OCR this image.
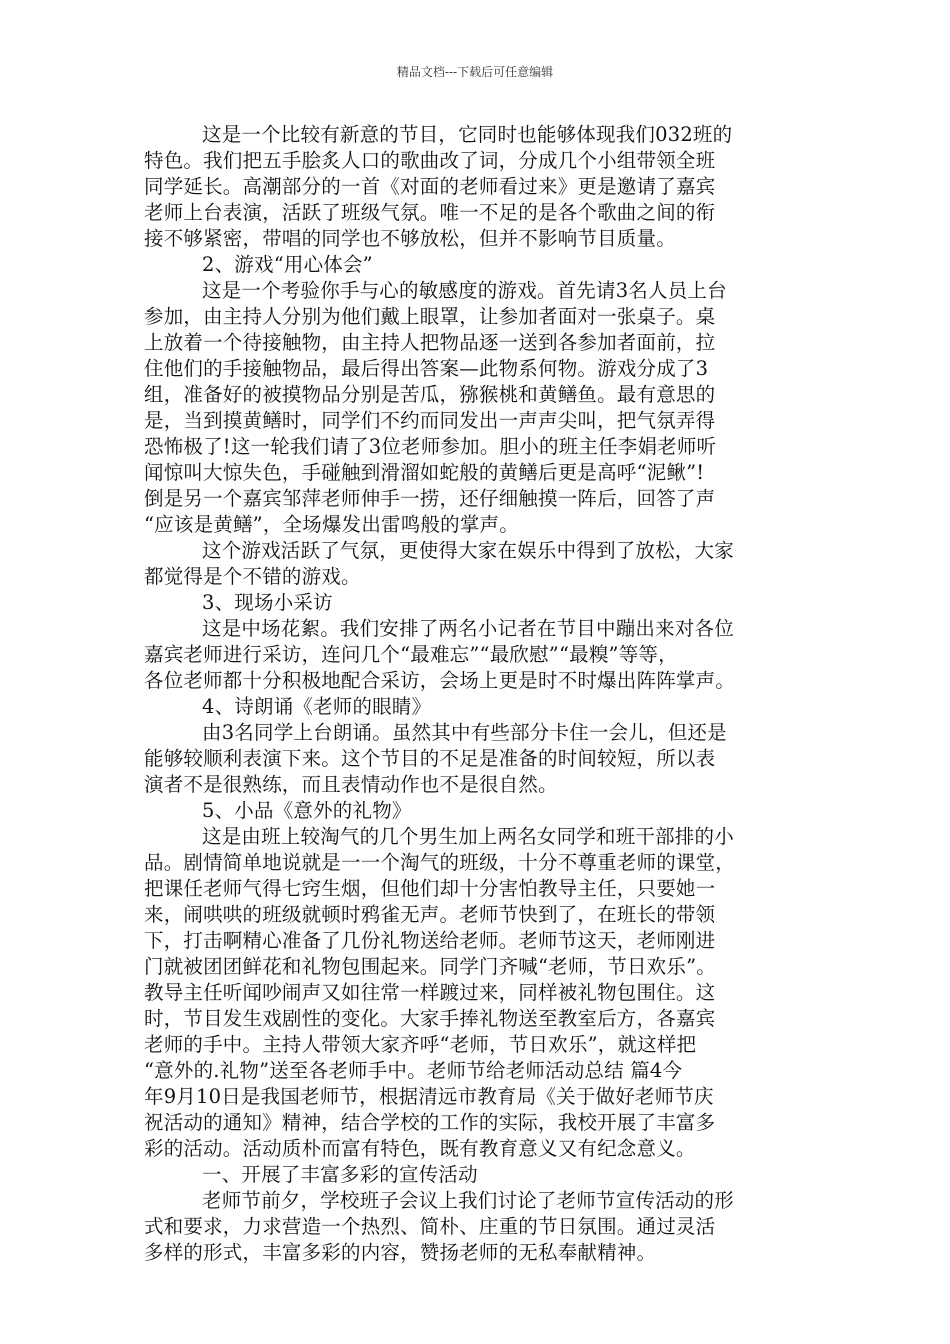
精品文档---下载后可任意编辑
这是一个比较有新意的节目，它同时也能够体现我们032班的
特色。我们把五手脍炙人口的歌曲改了词，分成几个小组带领全班
同学延长。高潮部分的一首《对面的老师看过来》更是邀请了嘉宾
老师上台表演，活跃了班级气氛。唯一不足的是各个歌曲之间的衔
接不够紧密，带唱的同学也不够放松，但并不影响节目质量。
2、游戏“用心体会”
这是一个考验你手与心的敏感度的游戏。首先请3名人员上台
参加，由主持人分别为他们戴上眼罩，让参加者面对一张桌子。桌
上放着一个待接触物，由主持人把物品逐一送到各参加者面前，拉
住他们的手接触物品，最后得出答案—此物系何物。游戏分成了3
组，准备好的被摸物品分别是苦瓜，猕猴桃和黄鳝鱼。最有意思的
是，当到摸黄鳝时，同学们不约而同发出一声声尖叫，把气氛弄得
恐怖极了!这一轮我们请了3位老师参加。胆小的班主任李娟老师听
闻惊叫大惊失色，手碰触到滑溜如蛇般的黄鳝后更是高呼“泥鳅”!
倒是另一个嘉宾邹萍老师伸手一捞，还仔细触摸一阵后，回答了声
“应该是黄鳝”，全场爆发出雷鸣般的掌声。
这个游戏活跃了气氛，更使得大家在娱乐中得到了放松，大家
都觉得是个不错的游戏。
3、现场小采访
这是中场花絮。我们安排了两名小记者在节目中蹦出来对各位
嘉宾老师进行采访，连问几个“最难忘”“最欣慰”“最糗”等等，
各位老师都十分积极地配合采访，会场上更是时不时爆出阵阵掌声。
4、诗朗诵《老师的眼睛》
由3名同学上台朗诵。虽然其中有些部分卡住一会儿，但还是
能够较顺利表演下来。这个节目的不足是准备的时间较短，所以表
演者不是很熟练，而且表情动作也不是很自然。
5、小品《意外的礼物》
这是由班上较淘气的几个男生加上两名女同学和班干部排的小
品。剧情简单地说就是一一个淘气的班级，十分不尊重老师的课堂，
把课任老师气得七窍生烟，但他们却十分害怕教导主任，只要她一
来，闹哄哄的班级就顿时鸦雀无声。老师节快到了，在班长的带领
下，打击啊精心准备了几份礼物送给老师。老师节这天，老师刚进
门就被团团鲜花和礼物包围起来。同学门齐喊“老师，节日欢乐”。
教导主任听闻吵闹声又如往常一样踱过来，同样被礼物包围住。这
时，节目发生戏剧性的变化。大家手捧礼物送至教室后方，各嘉宾
老师的手中。主持人带领大家齐呼“老师，节日欢乐”，就这样把
“意外的.礼物”送至各老师手中。老师节给老师活动总结 篇4今
年9月10日是我国老师节，根据清远市教育局《关于做好老师节庆
祝活动的通知》精神，结合学校的工作的实际，我校开展了丰富多
彩的活动。活动质朴而富有特色，既有教育意义又有纪念意义。
一、开展了丰富多彩的宣传活动
老师节前夕，学校班子会议上我们讨论了老师节宣传活动的形
式和要求，力求营造一个热烈、简朴、庄重的节日氛围。通过灵活
多样的形式，丰富多彩的内容，赞扬老师的无私奉献精神。
